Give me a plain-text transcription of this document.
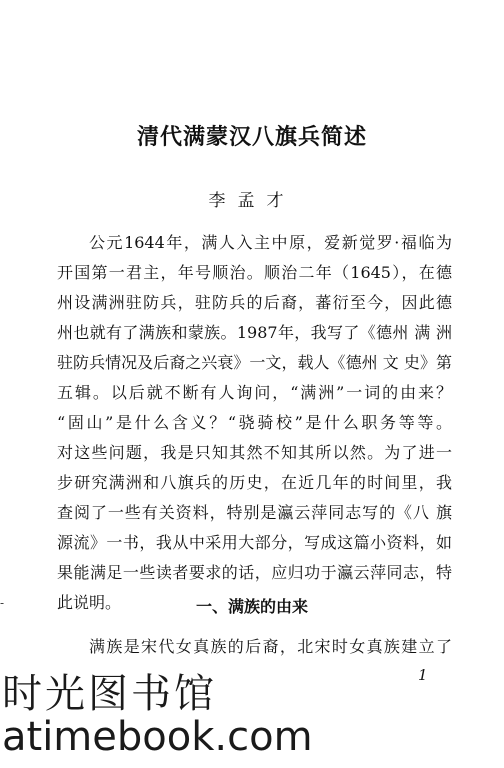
清代满蒙汉八旗兵简述
李孟才
公元1644年，满人入主中原，爱新觉罗·福临为
开国第一君主，年号顺治。顺治二年（1645），在德
州设满洲驻防兵，驻防兵的后裔，蕃衍至今，因此德
州也就有了满族和蒙族。1987年，我写了《德州 满 洲
驻防兵情况及后裔之兴衰》一文，载人《德州 文 史》第
五辑。以后就不断有人询问，“满洲”一词的由来？
“固山”是什么含义？“骁骑校”是什么职务等等。
对这些问题，我是只知其然不知其所以然。为了进一
步研究满洲和八旗兵的历史，在近几年的时间里，我
查阅了一些有关资料，特别是瀛云萍同志写的《八 旗
源流》一书，我从中采用大部分，写成这篇小资料，如
果能满足一些读者要求的话，应归功于瀛云萍同志，特
此说明。
-	一、满族的由来
满族是宋代女真族的后裔，北宋时女真族建立了
1
时光图书馆
atimebook.com
